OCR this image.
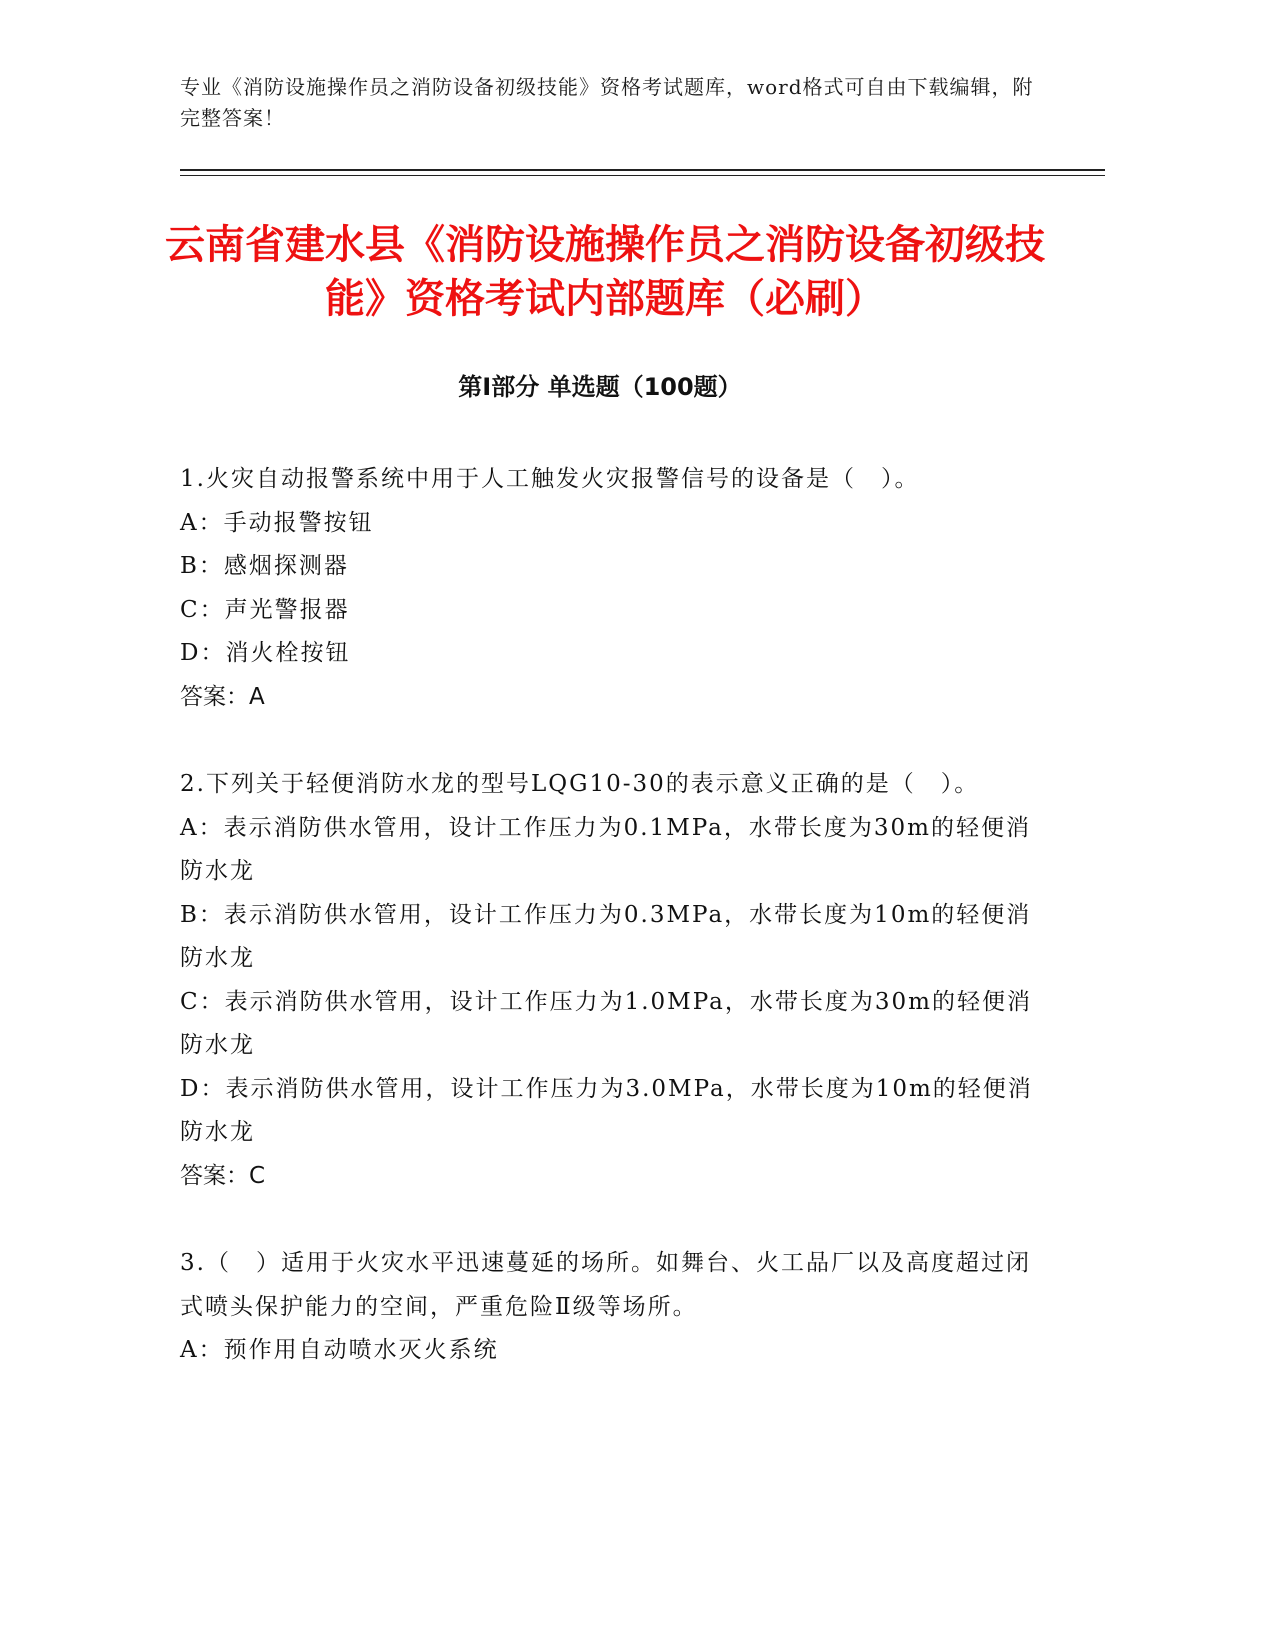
专业《消防设施操作员之消防设备初级技能》资格考试题库，word格式可自由下载编辑，附完整答案！
云南省建水县《消防设施操作员之消防设备初级技能》资格考试内部题库（必刷）
第Ⅰ部分 单选题（100题）
1.火灾自动报警系统中用于人工触发火灾报警信号的设备是（　）。
A：手动报警按钮
B：感烟探测器
C：声光警报器
D：消火栓按钮
答案：A
2.下列关于轻便消防水龙的型号LQG10-30的表示意义正确的是（　）。
A：表示消防供水管用，设计工作压力为0.1MPa，水带长度为30m的轻便消防水龙
B：表示消防供水管用，设计工作压力为0.3MPa，水带长度为10m的轻便消防水龙
C：表示消防供水管用，设计工作压力为1.0MPa，水带长度为30m的轻便消防水龙
D：表示消防供水管用，设计工作压力为3.0MPa，水带长度为10m的轻便消防水龙
答案：C
3.（　）适用于火灾水平迅速蔓延的场所。如舞台、火工品厂以及高度超过闭式喷头保护能力的空间，严重危险Ⅱ级等场所。
A：预作用自动喷水灭火系统
